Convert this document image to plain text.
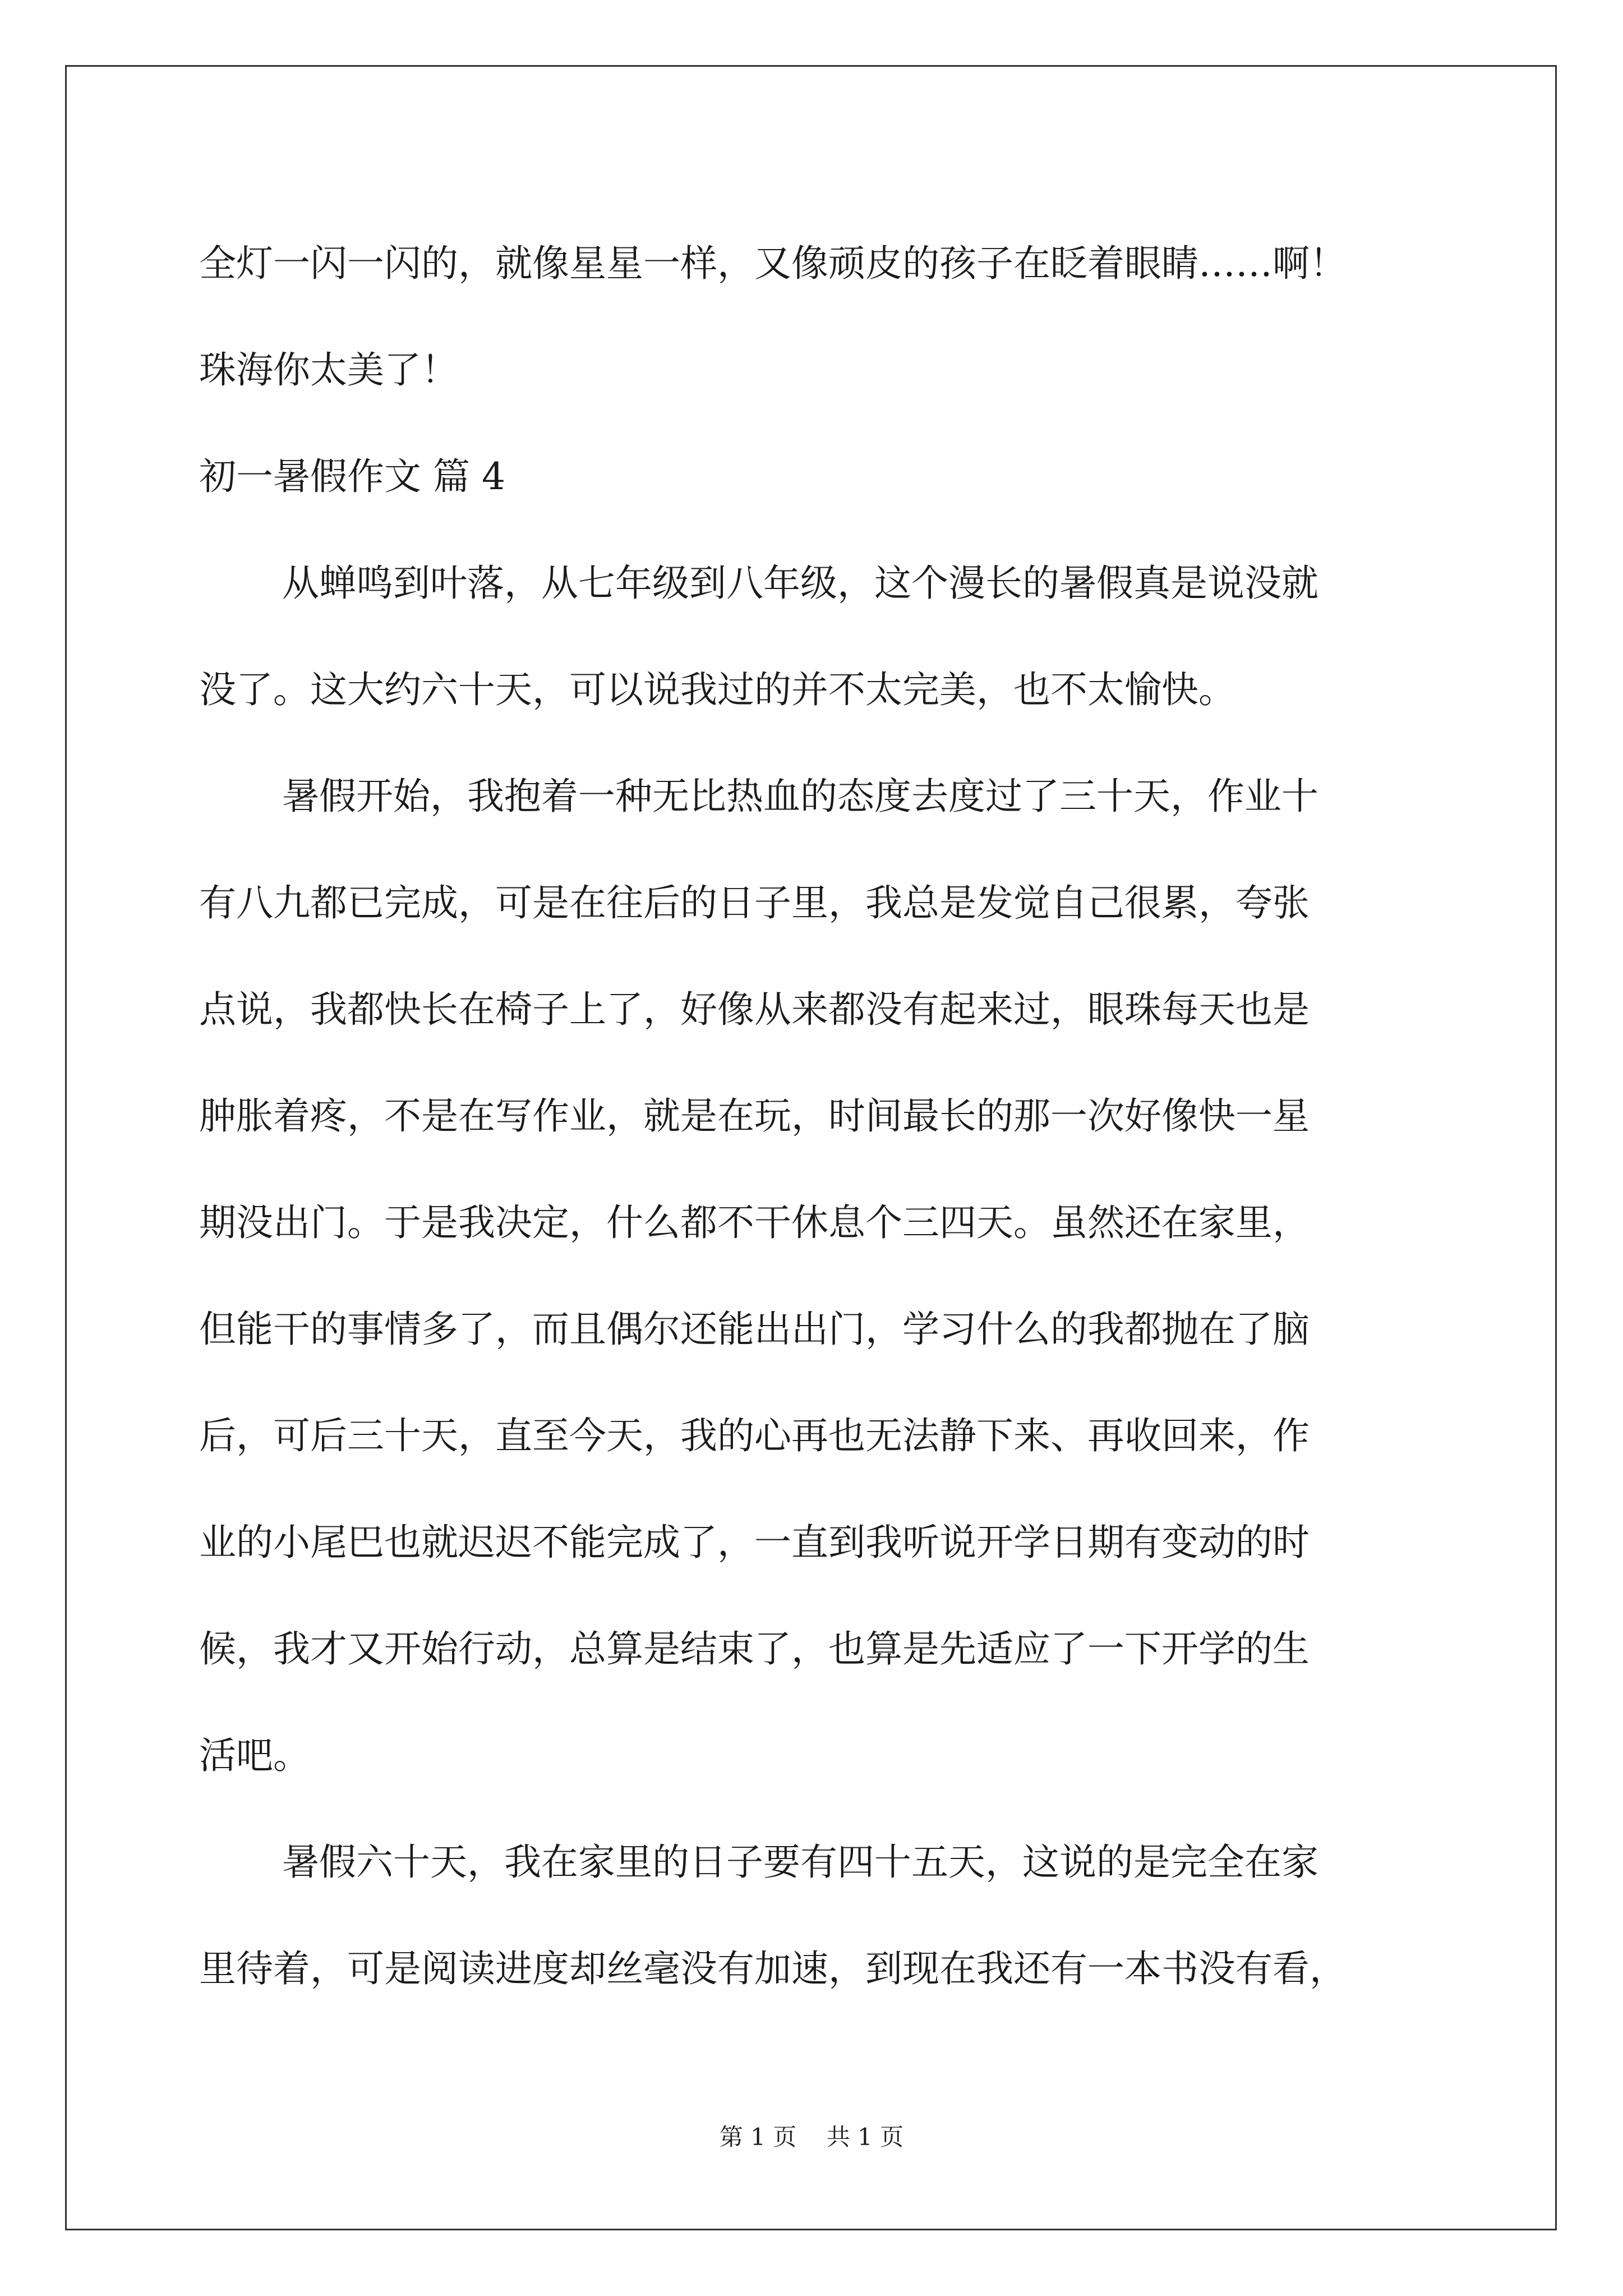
全灯一闪一闪的，就像星星一样，又像顽皮的孩子在眨着眼睛……啊！
珠海你太美了！
初一暑假作文 篇 4
从蝉鸣到叶落，从七年级到八年级，这个漫长的暑假真是说没就
没了。这大约六十天，可以说我过的并不太完美，也不太愉快。
暑假开始，我抱着一种无比热血的态度去度过了三十天，作业十
有八九都已完成，可是在往后的日子里，我总是发觉自己很累，夸张
点说，我都快长在椅子上了，好像从来都没有起来过，眼珠每天也是
肿胀着疼，不是在写作业，就是在玩，时间最长的那一次好像快一星
期没出门。于是我决定，什么都不干休息个三四天。虽然还在家里，
但能干的事情多了，而且偶尔还能出出门，学习什么的我都抛在了脑
后，可后三十天，直至今天，我的心再也无法静下来、再收回来，作
业的小尾巴也就迟迟不能完成了，一直到我听说开学日期有变动的时
候，我才又开始行动，总算是结束了，也算是先适应了一下开学的生
活吧。
暑假六十天，我在家里的日子要有四十五天，这说的是完全在家
里待着，可是阅读进度却丝毫没有加速，到现在我还有一本书没有看，
第 1 页    共 1 页
